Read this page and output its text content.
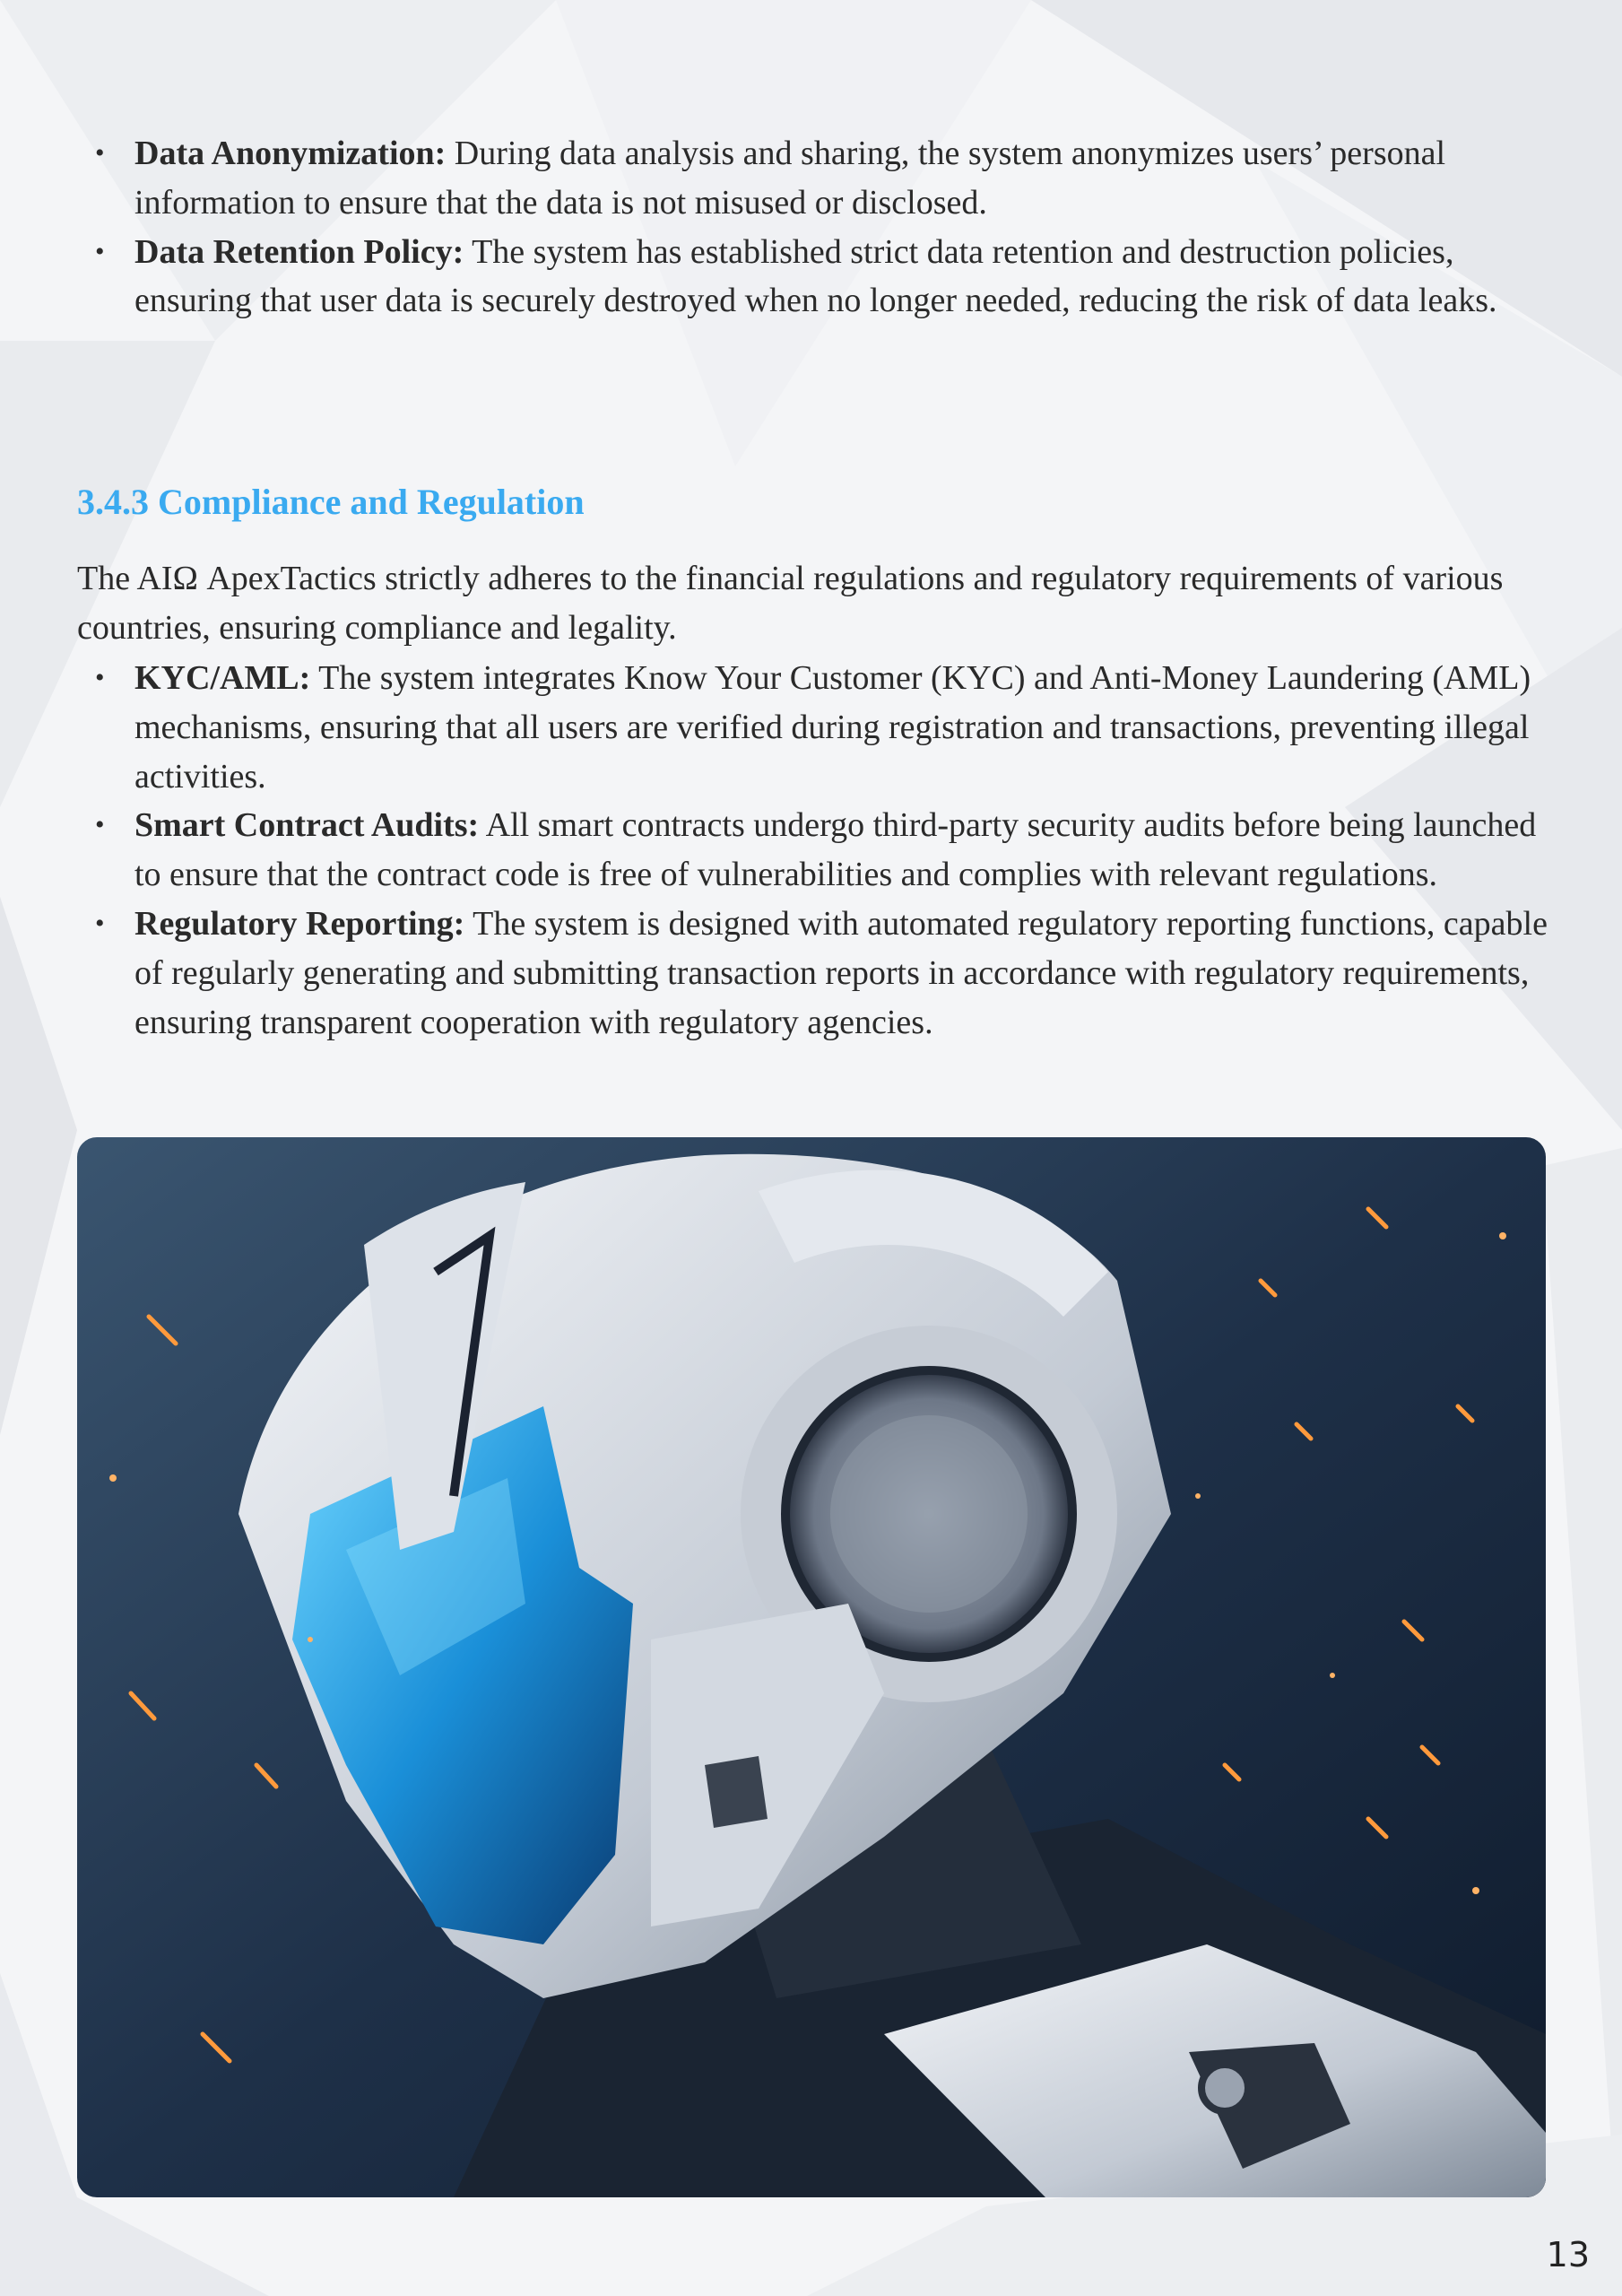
• Data Anonymization: During data analysis and sharing, the system anonymizes users’ personal information to ensure that the data is not misused or disclosed.
• Data Retention Policy: The system has established strict data retention and destruction policies, ensuring that user data is securely destroyed when no longer needed, reducing the risk of data leaks.
3.4.3 Compliance and Regulation

The AIΩ ApexTactics strictly adheres to the financial regulations and regulatory requirements of various countries, ensuring compliance and legality.

• KYC/AML: The system integrates Know Your Customer (KYC) and Anti-Money Laundering (AML) mechanisms, ensuring that all users are verified during registration and transactions, preventing illegal activities.
• Smart Contract Audits: All smart contracts undergo third-party security audits before being launched to ensure that the contract code is free of vulnerabilities and complies with relevant regulations.
• Regulatory Reporting: The system is designed with automated regulatory reporting functions, capable of regularly generating and submitting transaction reports in accordance with regulatory requirements, ensuring transparent cooperation with regulatory agencies.
13
